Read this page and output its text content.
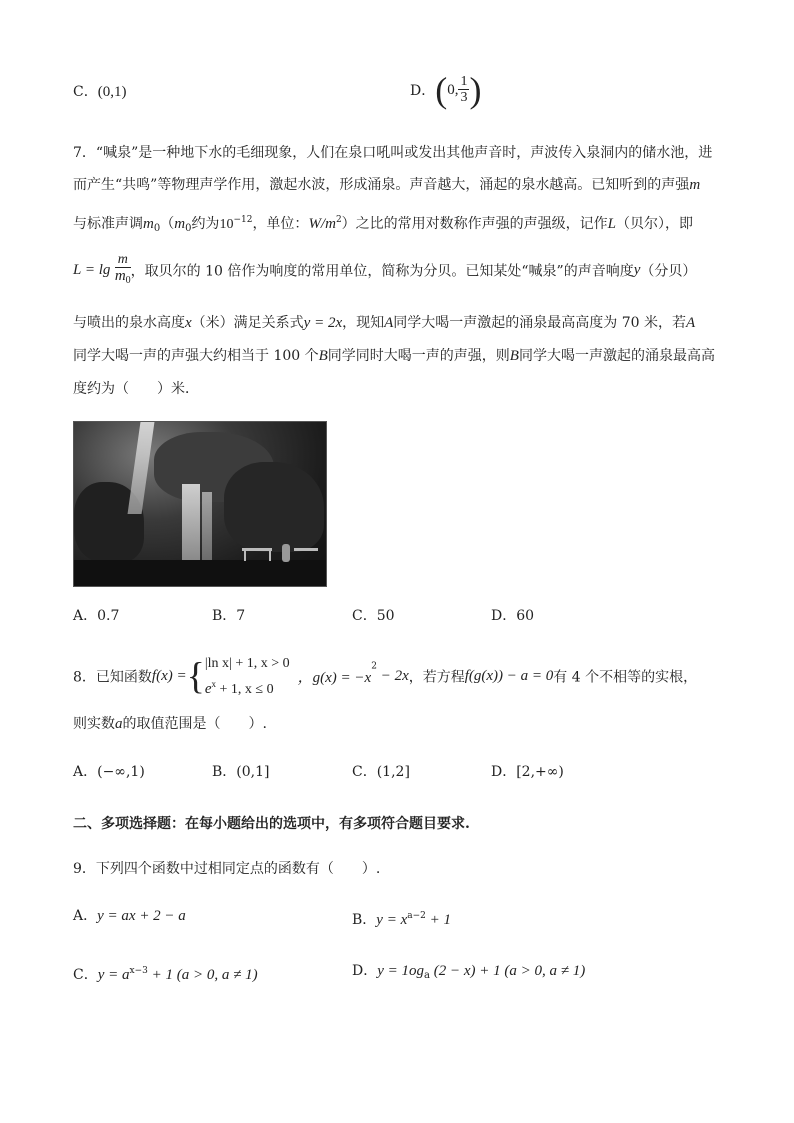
C．(0,1)	D．(0, $\frac{1}{3}$ )
7．“喊泉”是一种地下水的毛细现象，人们在泉口吼叫或发出其他声音时，声波传入泉洞内的储水池，进
而产生“共鸣”等物理声学作用，激起水波，形成涌泉。声音越大，涌起的泉水越高。已知听到的声强m
与标准声调$m_0(m_0$约为$10^{-12}$，单位：$W/m^2$）之比的常用对数称作声强的声强级，记作L（贝尔），即
$L = \lg \frac{m}{m_0}$ ，取贝尔的 10 倍作为响度的常用单位，简称为分贝。已知某处“喊泉”的声音响度y（分贝）
与喷出的泉水高度x（米）满足关系式y = 2x，现知A同学大喝一声激起的涌泉最高高度为 70 米，若A
同学大喝一声的声强大约相当于 100 个B同学同时大喝一声的声强，则B同学大喝一声激起的涌泉最高高
度约为（　　）米．
A．0.7	B．7	C．50	D．60
8．已知函数f(x) ={ |ln x| + 1, x > 0
$e^x + 1$, x ≤ 0
，$g(x) = -x^2 - 2x$，若方程f(g(x)) − a = 0有 4 个不相等的实根，
则实数a的取值范围是（　　）.
A．(−∞,1)	B．(0,1]	C．(1,2]	D．[2,+∞)
二、多项选择题：在每小题给出的选项中，有多项符合题目要求.
9．下列四个函数中过相同定点的函数有（　　）.
A．y = ax + 2 − a	B．$y = x^{a-2} + 1$
C．$y = a^{x-3} + 1$ (a > 0, a ≠ 1)	D．$y = 1og_a$ (2 − x) + 1 (a > 0, a ≠ 1)
